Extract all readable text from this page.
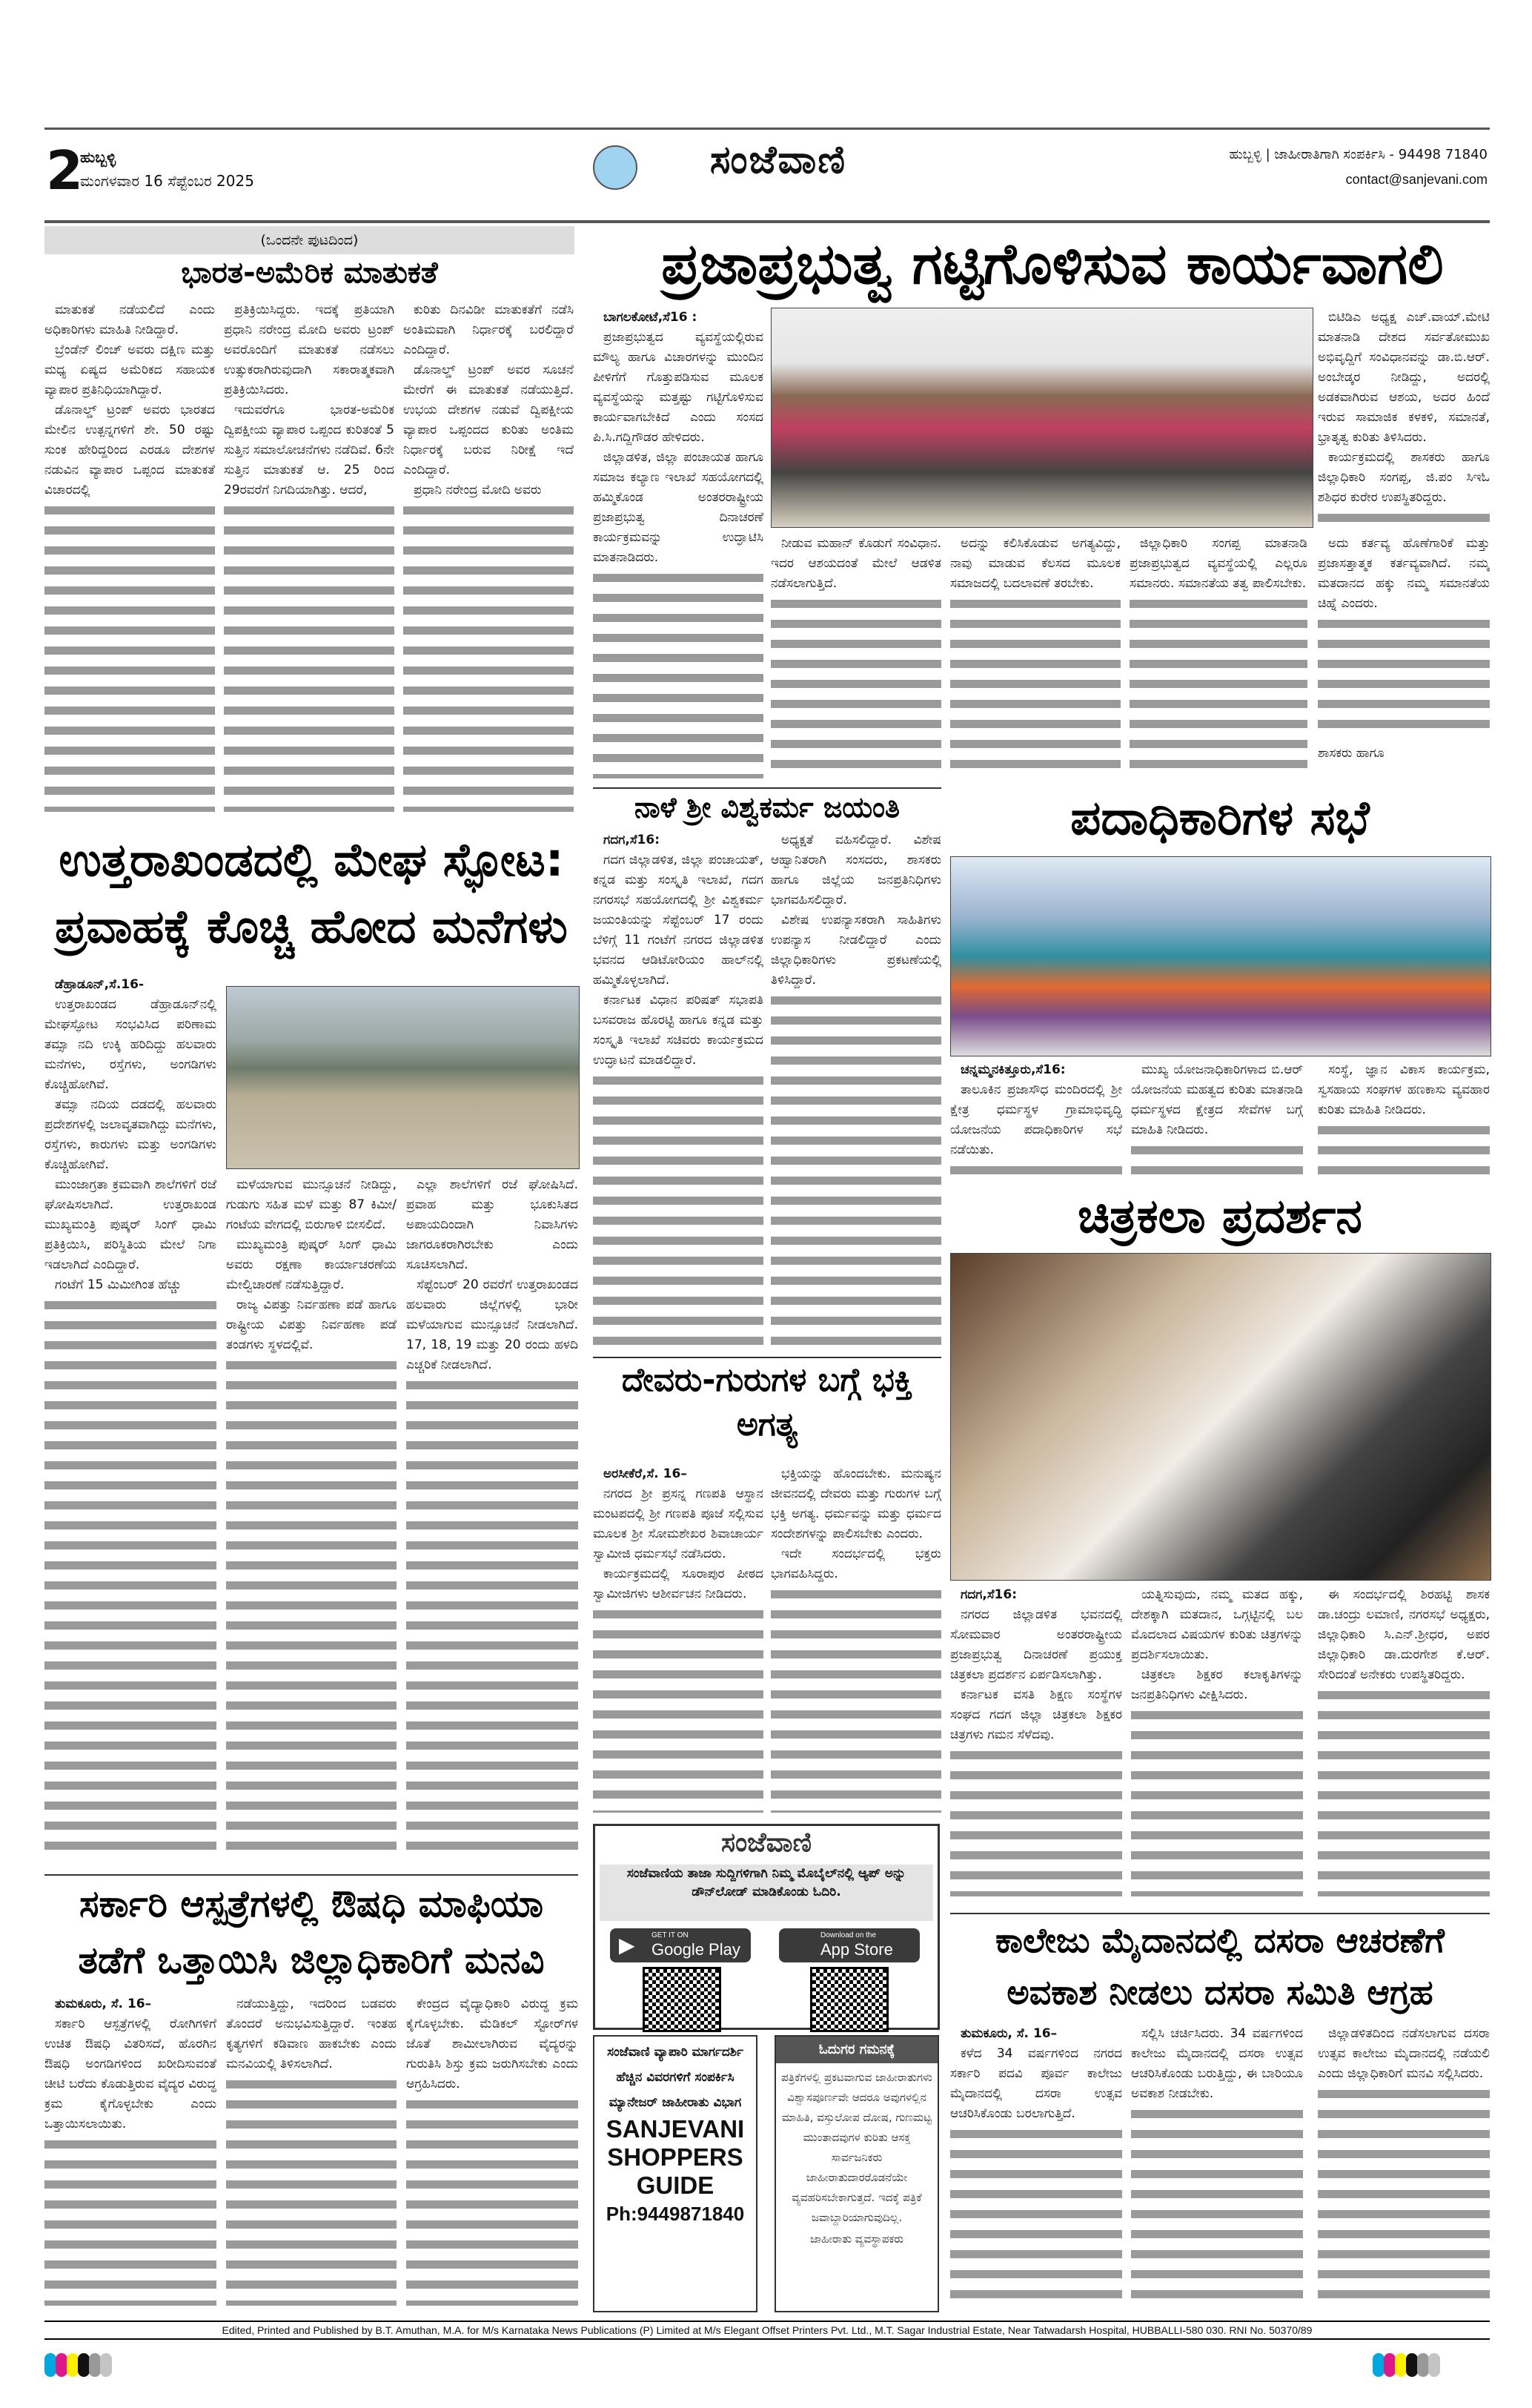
2
ಹುಬ್ಬಳ್ಳಿ
ಮಂಗಳವಾರ 16 ಸೆಪ್ಟೆಂಬರ 2025	ಸಂಜೆವಾಣಿ	ಹುಬ್ಬಳ್ಳಿ | ಜಾಹೀರಾತಿಗಾಗಿ ಸಂಪರ್ಕಿಸಿ - 94498 71840
contact@sanjevani.com
(ಒಂದನೇ ಪುಟದಿಂದ)
ಭಾರತ-ಅಮೆರಿಕ ಮಾತುಕತೆ

ಮಾತುಕತೆ ನಡೆಯಲಿದೆ ಎಂದು ಅಧಿಕಾರಿಗಳು ಮಾಹಿತಿ ನೀಡಿದ್ದಾರೆ.

ಬ್ರೆಂಡೆನ್ ಲಿಂಚ್ ಅವರು ದಕ್ಷಿಣ ಮತ್ತು ಮಧ್ಯ ಏಷ್ಯದ ಅಮೆರಿಕದ ಸಹಾಯಕ ವ್ಯಾಪಾರ ಪ್ರತಿನಿಧಿಯಾಗಿದ್ದಾರೆ.

ಡೊನಾಲ್ಡ್ ಟ್ರಂಪ್ ಅವರು ಭಾರತದ ಮೇಲಿನ ಉತ್ಪನ್ನಗಳಿಗೆ ಶೇ. 50 ರಷ್ಟು ಸುಂಕ ಹೇರಿದ್ದರಿಂದ ಎರಡೂ ದೇಶಗಳ ನಡುವಿನ ವ್ಯಾಪಾರ ಒಪ್ಪಂದ ಮಾತುಕತೆ ವಿಚಾರದಲ್ಲಿ

ಪ್ರತಿಕ್ರಿಯಿಸಿದ್ದರು. ಇದಕ್ಕೆ ಪ್ರತಿಯಾಗಿ ಪ್ರಧಾನಿ ನರೇಂದ್ರ ಮೋದಿ ಅವರು ಟ್ರಂಪ್ ಅವರೊಂದಿಗೆ ಮಾತುಕತೆ ನಡೆಸಲು ಉತ್ಸುಕರಾಗಿರುವುದಾಗಿ ಸಕಾರಾತ್ಮಕವಾಗಿ ಪ್ರತಿಕ್ರಿಯಿಸಿದರು.

ಇದುವರೆಗೂ ಭಾರತ-ಅಮೆರಿಕ ದ್ವಿಪಕ್ಷೀಯ ವ್ಯಾಪಾರ ಒಪ್ಪಂದ ಕುರಿತಂತೆ 5 ಸುತ್ತಿನ ಸಮಾಲೋಚನೆಗಳು ನಡೆದಿವೆ. 6ನೇ ಸುತ್ತಿನ ಮಾತುಕತೆ ಆ. 25 ರಿಂದ 29ರವರೆಗೆ ನಿಗದಿಯಾಗಿತ್ತು. ಆದರೆ,

ಕುರಿತು ದಿನವಿಡೀ ಮಾತುಕತೆಗೆ ನಡೆಸಿ ಅಂತಿಮವಾಗಿ ನಿರ್ಧಾರಕ್ಕೆ ಬರಲಿದ್ದಾರೆ ಎಂದಿದ್ದಾರೆ.

ಡೊನಾಲ್ಡ್ ಟ್ರಂಪ್ ಅವರ ಸೂಚನೆ ಮೇರೆಗೆ ಈ ಮಾತುಕತೆ ನಡೆಯುತ್ತಿದೆ. ಉಭಯ ದೇಶಗಳ ನಡುವೆ ದ್ವಿಪಕ್ಷೀಯ ವ್ಯಾಪಾರ ಒಪ್ಪಂದದ ಕುರಿತು ಅಂತಿಮ ನಿರ್ಧಾರಕ್ಕೆ ಬರುವ ನಿರೀಕ್ಷೆ ಇದೆ ಎಂದಿದ್ದಾರೆ.

ಪ್ರಧಾನಿ ನರೇಂದ್ರ ಮೋದಿ ಅವರು

ಪ್ರಜಾಪ್ರಭುತ್ವ ಗಟ್ಟಿಗೊಳಿಸುವ ಕಾರ್ಯವಾಗಲಿ

ಬಾಗಲಕೋಟೆ,ಸೆ16 :

ಪ್ರಜಾಪ್ರಭುತ್ವದ ವ್ಯವಸ್ಥೆಯಲ್ಲಿರುವ ಮೌಲ್ಯ ಹಾಗೂ ವಿಚಾರಗಳನ್ನು ಮುಂದಿನ ಪೀಳಿಗೆಗೆ ಗೊತ್ತುಪಡಿಸುವ ಮೂಲಕ ವ್ಯವಸ್ಥೆಯನ್ನು ಮತ್ತಷ್ಟು ಗಟ್ಟಿಗೊಳಿಸುವ ಕಾರ್ಯವಾಗಬೇಕಿದೆ ಎಂದು ಸಂಸದ ಪಿ.ಸಿ.ಗದ್ದಿಗೌಡರ ಹೇಳಿದರು.

ಜಿಲ್ಲಾಡಳಿತ, ಜಿಲ್ಲಾ ಪಂಚಾಯತ ಹಾಗೂ ಸಮಾಜ ಕಲ್ಯಾಣ ಇಲಾಖೆ ಸಹಯೋಗದಲ್ಲಿ ಹಮ್ಮಿಕೊಂಡ ಅಂತರರಾಷ್ಟ್ರೀಯ ಪ್ರಜಾಪ್ರಭುತ್ವ ದಿನಾಚರಣೆ ಕಾರ್ಯಕ್ರಮವನ್ನು ಉದ್ಘಾಟಿಸಿ ಮಾತನಾಡಿದರು.

ಬಿಟಿಡಿಎ ಅಧ್ಯಕ್ಷ ಎಚ್.ವಾಯ್.ಮೇಟಿ ಮಾತನಾಡಿ ದೇಶದ ಸರ್ವತೋಮುಖ ಅಭಿವೃದ್ದಿಗೆ ಸಂವಿಧಾನವನ್ನು ಡಾ.ಬಿ.ಆರ್. ಅಂಬೇಡ್ಕರ ನೀಡಿದ್ದು, ಅದರಲ್ಲಿ ಅಡಕವಾಗಿರುವ ಆಶಯ, ಅದರ ಹಿಂದೆ ಇರುವ ಸಾಮಾಜಿಕ ಕಳಕಳಿ, ಸಮಾನತೆ, ಭ್ರಾತೃತ್ವ ಕುರಿತು ತಿಳಿಸಿದರು.

ಕಾರ್ಯಕ್ರಮದಲ್ಲಿ ಶಾಸಕರು ಹಾಗೂ ಜಿಲ್ಲಾಧಿಕಾರಿ ಸಂಗಪ್ಪ, ಜಿ.ಪಂ ಸಿಇಓ ಶಶಿಧರ ಕುರೇರ ಉಪಸ್ಥಿತರಿದ್ದರು.

ನೀಡುವ ಮಹಾನ್ ಕೊಡುಗೆ ಸಂವಿಧಾನ. ಇದರ ಆಶಯದಂತೆ ಮೇಲೆ ಆಡಳಿತ ನಡೆಸಲಾಗುತ್ತಿದೆ.

ಅದನ್ನು ಕಲಿಸಿಕೊಡುವ ಅಗತ್ಯವಿದ್ದು, ನಾವು ಮಾಡುವ ಕೆಲಸದ ಮೂಲಕ ಸಮಾಜದಲ್ಲಿ ಬದಲಾವಣೆ ತರಬೇಕು.

ಜಿಲ್ಲಾಧಿಕಾರಿ ಸಂಗಪ್ಪ ಮಾತನಾಡಿ ಪ್ರಜಾಪ್ರಭುತ್ವದ ವ್ಯವಸ್ಥೆಯಲ್ಲಿ ಎಲ್ಲರೂ ಸಮಾನರು. ಸಮಾನತೆಯ ತತ್ವ ಪಾಲಿಸಬೇಕು.

ಅದು ಕರ್ತವ್ಯ ಹೊಣೆಗಾರಿಕೆ ಮತ್ತು ಪ್ರಜಾಸತ್ತಾತ್ಮಕ ಕರ್ತವ್ಯವಾಗಿದೆ. ನಮ್ಮ ಮತದಾನದ ಹಕ್ಕು ನಮ್ಮ ಸಮಾನತೆಯ ಚಿಹ್ನೆ ಎಂದರು.

ಶಾಸಕರು ಹಾಗೂ
ಉತ್ತರಾಖಂಡದಲ್ಲಿ ಮೇಘ ಸ್ಫೋಟ: ಪ್ರವಾಹಕ್ಕೆ ಕೊಚ್ಚಿ ಹೋದ ಮನೆಗಳು

ಡೆಹ್ರಾಡೂನ್,ಸೆ.16-

ಉತ್ತರಾಖಂಡದ ಡೆಹ್ರಾಡೂನ್‌ನಲ್ಲಿ ಮೇಘಸ್ಫೋಟ ಸಂಭವಿಸಿದ ಪರಿಣಾಮ ತಮ್ಸಾ ನದಿ ಉಕ್ಕಿ ಹರಿದಿದ್ದು ಹಲವಾರು ಮನೆಗಳು, ರಸ್ತೆಗಳು, ಅಂಗಡಿಗಳು ಕೊಚ್ಚಿಹೋಗಿವೆ.

ತಮ್ಸಾ ನದಿಯ ದಡದಲ್ಲಿ ಹಲವಾರು ಪ್ರದೇಶಗಳಲ್ಲಿ ಜಲಾವೃತವಾಗಿದ್ದು ಮನೆಗಳು, ರಸ್ತೆಗಳು, ಕಾರುಗಳು ಮತ್ತು ಅಂಗಡಿಗಳು ಕೊಚ್ಚಿಹೋಗಿವೆ.

ಮುಂಜಾಗ್ರತಾ ಕ್ರಮವಾಗಿ ಶಾಲೆಗಳಿಗೆ ರಜೆ ಘೋಷಿಸಲಾಗಿದೆ. ಉತ್ತರಾಖಂಡ ಮುಖ್ಯಮಂತ್ರಿ ಪುಷ್ಕರ್ ಸಿಂಗ್ ಧಾಮಿ ಪ್ರತಿಕ್ರಿಯಿಸಿ, ಪರಿಸ್ಥಿತಿಯ ಮೇಲೆ ನಿಗಾ ಇಡಲಾಗಿದೆ ಎಂದಿದ್ದಾರೆ.

ಗಂಟೆಗೆ 15 ಮಿಮೀಗಿಂತ ಹೆಚ್ಚು

ಮಳೆಯಾಗುವ ಮುನ್ಸೂಚನೆ ನೀಡಿದ್ದು, ಗುಡುಗು ಸಹಿತ ಮಳೆ ಮತ್ತು 87 ಕಿಮೀ/ಗಂಟೆಯ ವೇಗದಲ್ಲಿ ಬಿರುಗಾಳಿ ಬೀಸಲಿದೆ.

ಮುಖ್ಯಮಂತ್ರಿ ಪುಷ್ಕರ್ ಸಿಂಗ್ ಧಾಮಿ ಅವರು ರಕ್ಷಣಾ ಕಾರ್ಯಾಚರಣೆಯ ಮೇಲ್ವಿಚಾರಣೆ ನಡೆಸುತ್ತಿದ್ದಾರೆ.

ರಾಜ್ಯ ವಿಪತ್ತು ನಿರ್ವಹಣಾ ಪಡೆ ಹಾಗೂ ರಾಷ್ಟ್ರೀಯ ವಿಪತ್ತು ನಿರ್ವಹಣಾ ಪಡೆ ತಂಡಗಳು ಸ್ಥಳದಲ್ಲಿವೆ.

ಎಲ್ಲಾ ಶಾಲೆಗಳಿಗೆ ರಜೆ ಘೋಷಿಸಿದೆ. ಪ್ರವಾಹ ಮತ್ತು ಭೂಕುಸಿತದ ಅಪಾಯದಿಂದಾಗಿ ನಿವಾಸಿಗಳು ಜಾಗರೂಕರಾಗಿರಬೇಕು ಎಂದು ಸೂಚಿಸಲಾಗಿದೆ.

ಸೆಪ್ಟೆಂಬರ್ 20 ರವರೆಗೆ ಉತ್ತರಾಖಂಡದ ಹಲವಾರು ಜಿಲ್ಲೆಗಳಲ್ಲಿ ಭಾರೀ ಮಳೆಯಾಗುವ ಮುನ್ಸೂಚನೆ ನೀಡಲಾಗಿದೆ. 17, 18, 19 ಮತ್ತು 20 ರಂದು ಹಳದಿ ಎಚ್ಚರಿಕೆ ನೀಡಲಾಗಿದೆ.

ನಾಳೆ ಶ್ರೀ ವಿಶ್ವಕರ್ಮ ಜಯಂತಿ

ಗದಗ,ಸೆ16:

ಗದಗ ಜಿಲ್ಲಾಡಳಿತ, ಜಿಲ್ಲಾ ಪಂಚಾಯತ್, ಕನ್ನಡ ಮತ್ತು ಸಂಸ್ಕೃತಿ ಇಲಾಖೆ, ಗದಗ ನಗರಸಭೆ ಸಹಯೋಗದಲ್ಲಿ ಶ್ರೀ ವಿಶ್ವಕರ್ಮ ಜಯಂತಿಯನ್ನು ಸೆಪ್ಟೆಂಬರ್ 17 ರಂದು ಬೆಳಿಗ್ಗೆ 11 ಗಂಟೆಗೆ ನಗರದ ಜಿಲ್ಲಾಡಳಿತ ಭವನದ ಆಡಿಟೋರಿಯಂ ಹಾಲ್‌ನಲ್ಲಿ ಹಮ್ಮಿಕೊಳ್ಳಲಾಗಿದೆ.

ಕರ್ನಾಟಕ ವಿಧಾನ ಪರಿಷತ್ ಸಭಾಪತಿ ಬಸವರಾಜ ಹೊರಟ್ಟಿ ಹಾಗೂ ಕನ್ನಡ ಮತ್ತು ಸಂಸ್ಕೃತಿ ಇಲಾಖೆ ಸಚಿವರು ಕಾರ್ಯಕ್ರಮದ ಉದ್ಘಾಟನೆ ಮಾಡಲಿದ್ದಾರೆ.

ಅಧ್ಯಕ್ಷತೆ ವಹಿಸಲಿದ್ದಾರೆ. ವಿಶೇಷ ಆಹ್ವಾನಿತರಾಗಿ ಸಂಸದರು, ಶಾಸಕರು ಹಾಗೂ ಜಿಲ್ಲೆಯ ಜನಪ್ರತಿನಿಧಿಗಳು ಭಾಗವಹಿಸಲಿದ್ದಾರೆ.

ವಿಶೇಷ ಉಪನ್ಯಾಸಕರಾಗಿ ಸಾಹಿತಿಗಳು ಉಪನ್ಯಾಸ ನೀಡಲಿದ್ದಾರೆ ಎಂದು ಜಿಲ್ಲಾಧಿಕಾರಿಗಳು ಪ್ರಕಟಣೆಯಲ್ಲಿ ತಿಳಿಸಿದ್ದಾರೆ.

ಪದಾಧಿಕಾರಿಗಳ ಸಭೆ

ಚನ್ನಮ್ಮನಕಿತ್ತೂರು,ಸೆ16:

ತಾಲೂಕಿನ ಪ್ರಜಾಸೌಧ ಮಂದಿರದಲ್ಲಿ ಶ್ರೀ ಕ್ಷೇತ್ರ ಧರ್ಮಸ್ಥಳ ಗ್ರಾಮಾಭಿವೃದ್ಧಿ ಯೋಜನೆಯ ಪದಾಧಿಕಾರಿಗಳ ಸಭೆ ನಡೆಯಿತು.

ಮುಖ್ಯ ಯೋಜನಾಧಿಕಾರಿಗಳಾದ ಬಿ.ಆರ್ ಯೋಜನೆಯ ಮಹತ್ವದ ಕುರಿತು ಮಾತನಾಡಿ ಧರ್ಮಸ್ಥಳದ ಕ್ಷೇತ್ರದ ಸೇವೆಗಳ ಬಗ್ಗೆ ಮಾಹಿತಿ ನೀಡಿದರು.

ಸಂಸ್ಥೆ, ಜ್ಞಾನ ವಿಕಾಸ ಕಾರ್ಯಕ್ರಮ, ಸ್ವಸಹಾಯ ಸಂಘಗಳ ಹಣಕಾಸು ವ್ಯವಹಾರ ಕುರಿತು ಮಾಹಿತಿ ನೀಡಿದರು.

ಚಿತ್ರಕಲಾ ಪ್ರದರ್ಶನ

ಗದಗ,ಸೆ16:

ನಗರದ ಜಿಲ್ಲಾಡಳಿತ ಭವನದಲ್ಲಿ ಸೋಮವಾರ ಅಂತರರಾಷ್ಟ್ರೀಯ ಪ್ರಜಾಪ್ರಭುತ್ವ ದಿನಾಚರಣೆ ಪ್ರಯುಕ್ತ ಚಿತ್ರಕಲಾ ಪ್ರದರ್ಶನ ಏರ್ಪಡಿಸಲಾಗಿತ್ತು.

ಕರ್ನಾಟಕ ವಸತಿ ಶಿಕ್ಷಣ ಸಂಸ್ಥೆಗಳ ಸಂಘದ ಗದಗ ಜಿಲ್ಲಾ ಚಿತ್ರಕಲಾ ಶಿಕ್ಷಕರ ಚಿತ್ರಗಳು ಗಮನ ಸೆಳೆದವು.

ಯತ್ನಿಸುವುದು, ನಮ್ಮ ಮತದ ಹಕ್ಕು, ದೇಶಕ್ಕಾಗಿ ಮತದಾನ, ಒಗ್ಗಟ್ಟಿನಲ್ಲಿ ಬಲ ಮೊದಲಾದ ವಿಷಯಗಳ ಕುರಿತು ಚಿತ್ರಗಳನ್ನು ಪ್ರದರ್ಶಿಸಲಾಯಿತು.

ಚಿತ್ರಕಲಾ ಶಿಕ್ಷಕರ ಕಲಾಕೃತಿಗಳನ್ನು ಜನಪ್ರತಿನಿಧಿಗಳು ವೀಕ್ಷಿಸಿದರು.

ಈ ಸಂದರ್ಭದಲ್ಲಿ ಶಿರಹಟ್ಟಿ ಶಾಸಕ ಡಾ.ಚಂದ್ರು ಲಮಾಣಿ, ನಗರಸಭೆ ಅಧ್ಯಕ್ಷರು, ಜಿಲ್ಲಾಧಿಕಾರಿ ಸಿ.ಎನ್.ಶ್ರೀಧರ, ಅಪರ ಜಿಲ್ಲಾಧಿಕಾರಿ ಡಾ.ದುರಗೇಶ ಕೆ.ಆರ್. ಸೇರಿದಂತೆ ಅನೇಕರು ಉಪಸ್ಥಿತರಿದ್ದರು.

ದೇವರು-ಗುರುಗಳ ಬಗ್ಗೆ ಭಕ್ತಿ ಅಗತ್ಯ

ಅರಸೀಕೆರೆ,ಸೆ. 16–

ನಗರದ ಶ್ರೀ ಪ್ರಸನ್ನ ಗಣಪತಿ ಆಸ್ಥಾನ ಮಂಟಪದಲ್ಲಿ ಶ್ರೀ ಗಣಪತಿ ಪೂಜೆ ಸಲ್ಲಿಸುವ ಮೂಲಕ ಶ್ರೀ ಸೋಮಶೇಖರ ಶಿವಾಚಾರ್ಯ ಸ್ವಾಮೀಜಿ ಧರ್ಮಸಭೆ ನಡೆಸಿದರು.

ಕಾರ್ಯಕ್ರಮದಲ್ಲಿ ಸೂರಾಪುರ ಪೀಠದ ಸ್ವಾಮೀಜಿಗಳು ಆಶೀರ್ವಚನ ನೀಡಿದರು.

ಭಕ್ತಿಯನ್ನು ಹೊಂದಬೇಕು. ಮನುಷ್ಯನ ಜೀವನದಲ್ಲಿ ದೇವರು ಮತ್ತು ಗುರುಗಳ ಬಗ್ಗೆ ಭಕ್ತಿ ಅಗತ್ಯ. ಧರ್ಮವನ್ನು ಮತ್ತು ಧರ್ಮದ ಸಂದೇಶಗಳನ್ನು ಪಾಲಿಸಬೇಕು ಎಂದರು.

ಇದೇ ಸಂದರ್ಭದಲ್ಲಿ ಭಕ್ತರು ಭಾಗವಹಿಸಿದ್ದರು.

ಸಂಜೆವಾಣಿ
ಸಂಜೆವಾಣಿಯ ತಾಜಾ ಸುದ್ದಿಗಳಿಗಾಗಿ ನಿಮ್ಮ ಮೊಬೈಲ್‌ನಲ್ಲಿ ಆ್ಯಪ್ ಅನ್ನು ಡೌನ್‌ಲೋಡ್ ಮಾಡಿಕೊಂಡು ಓದಿರಿ.
▶ GET IT ON
Google Play
Download on the
App Store
ಸಂಜೆವಾಣಿ ವ್ಯಾಪಾರಿ ಮಾರ್ಗದರ್ಶಿ
ಹೆಚ್ಚಿನ ವಿವರಗಳಿಗೆ ಸಂಪರ್ಕಿಸಿ
ಮ್ಯಾನೇಜರ್ ಜಾಹೀರಾತು ವಿಭಾಗ
SANJEVANI SHOPPERS GUIDE
Ph:9449871840
ಓದುಗರ ಗಮನಕ್ಕೆ
ಪತ್ರಿಕೆಗಳಲ್ಲಿ ಪ್ರಕಟವಾಗುವ ಜಾಹೀರಾತುಗಳು ವಿಶ್ವಾಸಪೂರ್ಣವೇ ಆದರೂ ಅವುಗಳಲ್ಲಿನ ಮಾಹಿತಿ, ವಸ್ತುಲೋಪ ದೋಷ, ಗುಣಮಟ್ಟ ಮುಂತಾದವುಗಳ ಕುರಿತು ಆಸಕ್ತ ಸಾರ್ವಜನಿಕರು ಜಾಹೀರಾತುದಾರರೊಡನೆಯೇ ವ್ಯವಹರಿಸಬೇಕಾಗುತ್ತದೆ. ಇದಕ್ಕೆ ಪತ್ರಿಕೆ ಜವಾಬ್ದಾರಿಯಾಗುವುದಿಲ್ಲ.
ಜಾಹೀರಾತು ವ್ಯವಸ್ಥಾಪಕರು
ಸರ್ಕಾರಿ ಆಸ್ಪತ್ರೆಗಳಲ್ಲಿ ಔಷಧಿ ಮಾಫಿಯಾ ತಡೆಗೆ ಒತ್ತಾಯಿಸಿ ಜಿಲ್ಲಾಧಿಕಾರಿಗೆ ಮನವಿ

ತುಮಕೂರು, ಸೆ. 16–

ಸರ್ಕಾರಿ ಆಸ್ಪತ್ರೆಗಳಲ್ಲಿ ರೋಗಿಗಳಿಗೆ ಉಚಿತ ಔಷಧಿ ವಿತರಿಸದೆ, ಹೊರಗಿನ ಔಷಧಿ ಅಂಗಡಿಗಳಿಂದ ಖರೀದಿಸುವಂತೆ ಚೀಟಿ ಬರೆದು ಕೊಡುತ್ತಿರುವ ವೈದ್ಯರ ವಿರುದ್ಧ ಕ್ರಮ ಕೈಗೊಳ್ಳಬೇಕು ಎಂದು ಒತ್ತಾಯಿಸಲಾಯಿತು.

ನಡೆಯುತ್ತಿದ್ದು, ಇದರಿಂದ ಬಡವರು ತೊಂದರೆ ಅನುಭವಿಸುತ್ತಿದ್ದಾರೆ. ಇಂತಹ ಕೃತ್ಯಗಳಿಗೆ ಕಡಿವಾಣ ಹಾಕಬೇಕು ಎಂದು ಮನವಿಯಲ್ಲಿ ತಿಳಿಸಲಾಗಿದೆ.

ಕೇಂದ್ರದ ವೈದ್ಯಾಧಿಕಾರಿ ವಿರುದ್ಧ ಕ್ರಮ ಕೈಗೊಳ್ಳಬೇಕು. ಮೆಡಿಕಲ್ ಸ್ಟೋರ್‌ಗಳ ಜೊತೆ ಶಾಮೀಲಾಗಿರುವ ವೈದ್ಯರನ್ನು ಗುರುತಿಸಿ ಶಿಸ್ತು ಕ್ರಮ ಜರುಗಿಸಬೇಕು ಎಂದು ಆಗ್ರಹಿಸಿದರು.

ಕಾಲೇಜು ಮೈದಾನದಲ್ಲಿ ದಸರಾ ಆಚರಣೆಗೆ ಅವಕಾಶ ನೀಡಲು ದಸರಾ ಸಮಿತಿ ಆಗ್ರಹ

ತುಮಕೂರು, ಸೆ. 16–

ಕಳೆದ 34 ವರ್ಷಗಳಿಂದ ನಗರದ ಸರ್ಕಾರಿ ಪದವಿ ಪೂರ್ವ ಕಾಲೇಜು ಮೈದಾನದಲ್ಲಿ ದಸರಾ ಉತ್ಸವ ಆಚರಿಸಿಕೊಂಡು ಬರಲಾಗುತ್ತಿದೆ.

ಸಲ್ಲಿಸಿ ಚರ್ಚಿಸಿದರು. 34 ವರ್ಷಗಳಿಂದ ಕಾಲೇಜು ಮೈದಾನದಲ್ಲಿ ದಸರಾ ಉತ್ಸವ ಆಚರಿಸಿಕೊಂಡು ಬರುತ್ತಿದ್ದು, ಈ ಬಾರಿಯೂ ಅವಕಾಶ ನೀಡಬೇಕು.

ಜಿಲ್ಲಾಡಳಿತದಿಂದ ನಡೆಸಲಾಗುವ ದಸರಾ ಉತ್ಸವ ಕಾಲೇಜು ಮೈದಾನದಲ್ಲಿ ನಡೆಯಲಿ ಎಂದು ಜಿಲ್ಲಾಧಿಕಾರಿಗೆ ಮನವಿ ಸಲ್ಲಿಸಿದರು.

Edited, Printed and Published by B.T. Amuthan, M.A. for M/s Karnataka News Publications (P) Limited at M/s Elegant Offset Printers Pvt. Ltd., M.T. Sagar Industrial Estate, Near Tatwadarsh Hospital, HUBBALLI-580 030. RNI No. 50370/89
